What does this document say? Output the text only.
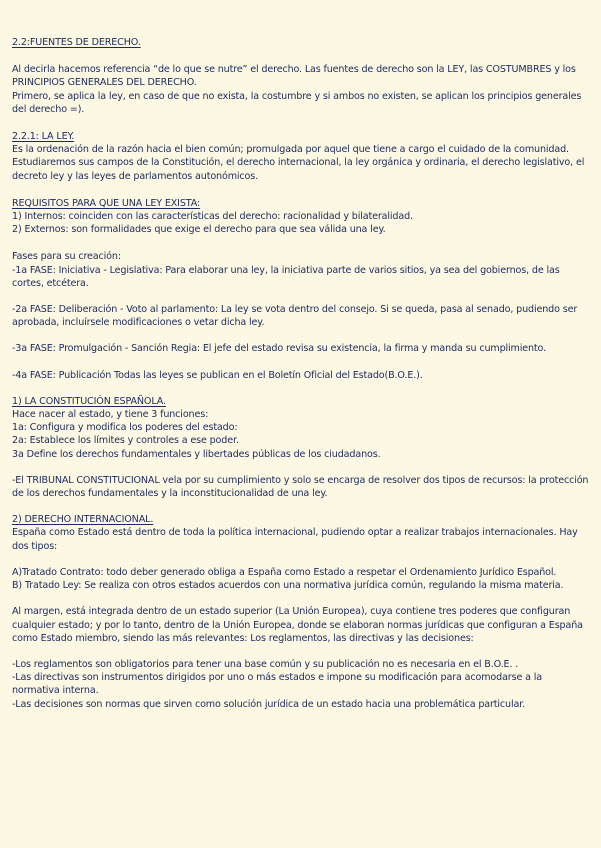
2.2:FUENTES DE DERECHO.

Al decirla hacemos referencia “de lo que se nutre” el derecho. Las fuentes de derecho son la LEY, las COSTUMBRES y los PRINCIPIOS GENERALES DEL DERECHO.

Primero, se aplica la ley, en caso de que no exista, la costumbre y si ambos no existen, se aplican los principios generales del derecho =).

2.2.1: LA LEY.

Es la ordenación de la razón hacia el bien común; promulgada por aquel que tiene a cargo el cuidado de la comunidad. Estudiaremos sus campos de la Constitución, el derecho internacional, la ley orgánica y ordinaria, el derecho legislativo, el decreto ley y las leyes de parlamentos autonómicos.

REQUISITOS PARA QUE UNA LEY EXISTA:

1) Internos: coinciden con las características del derecho: racionalidad y bilateralidad.

2) Externos: son formalidades que exige el derecho para que sea válida una ley.

Fases para su creación:

-1a FASE: Iniciativa - Legislativa: Para elaborar una ley, la iniciativa parte de varios sitios, ya sea del gobiernos, de las cortes, etcétera.

-2a FASE: Deliberación - Voto al parlamento: La ley se vota dentro del consejo. Si se queda, pasa al senado, pudiendo ser aprobada, incluírsele modificaciones o vetar dicha ley.

-3a FASE: Promulgación - Sanción Regia: El jefe del estado revisa su existencia, la firma y manda su cumplimiento.

-4a FASE: Publicación Todas las leyes se publican en el Boletín Oficial del Estado(B.O.E.).

1) LA CONSTITUCIÓN ESPAÑOLA.

Hace nacer al estado, y tiene 3 funciones:

1a: Configura y modifica los poderes del estado:

2a: Establece los límites y controles a ese poder.

3a Define los derechos fundamentales y libertades públicas de los ciudadanos.

-El TRIBUNAL CONSTITUCIONAL vela por su cumplimiento y solo se encarga de resolver dos tipos de recursos: la protección de los derechos fundamentales y la inconstitucionalidad de una ley.

2) DERECHO INTERNACIONAL.

España como Estado está dentro de toda la política internacional, pudiendo optar a realizar trabajos internacionales. Hay dos tipos:

A)Tratado Contrato: todo deber generado obliga a España como Estado a respetar el Ordenamiento Jurídico Español.

B) Tratado Ley: Se realiza con otros estados acuerdos con una normativa jurídica común, regulando la misma materia.

Al margen, está integrada dentro de un estado superior (La Unión Europea), cuya contiene tres poderes que configuran cualquier estado; y por lo tanto, dentro de la Unión Europea, donde se elaboran normas jurídicas que configuran a España como Estado miembro, siendo las más relevantes: Los reglamentos, las directivas y las decisiones:

-Los reglamentos son obligatorios para tener una base común y su publicación no es necesaria en el B.O.E. .

-Las directivas son instrumentos dirigidos por uno o más estados e impone su modificación para acomodarse a la normativa interna.

-Las decisiones son normas que sirven como solución jurídica de un estado hacia una problemática particular.
